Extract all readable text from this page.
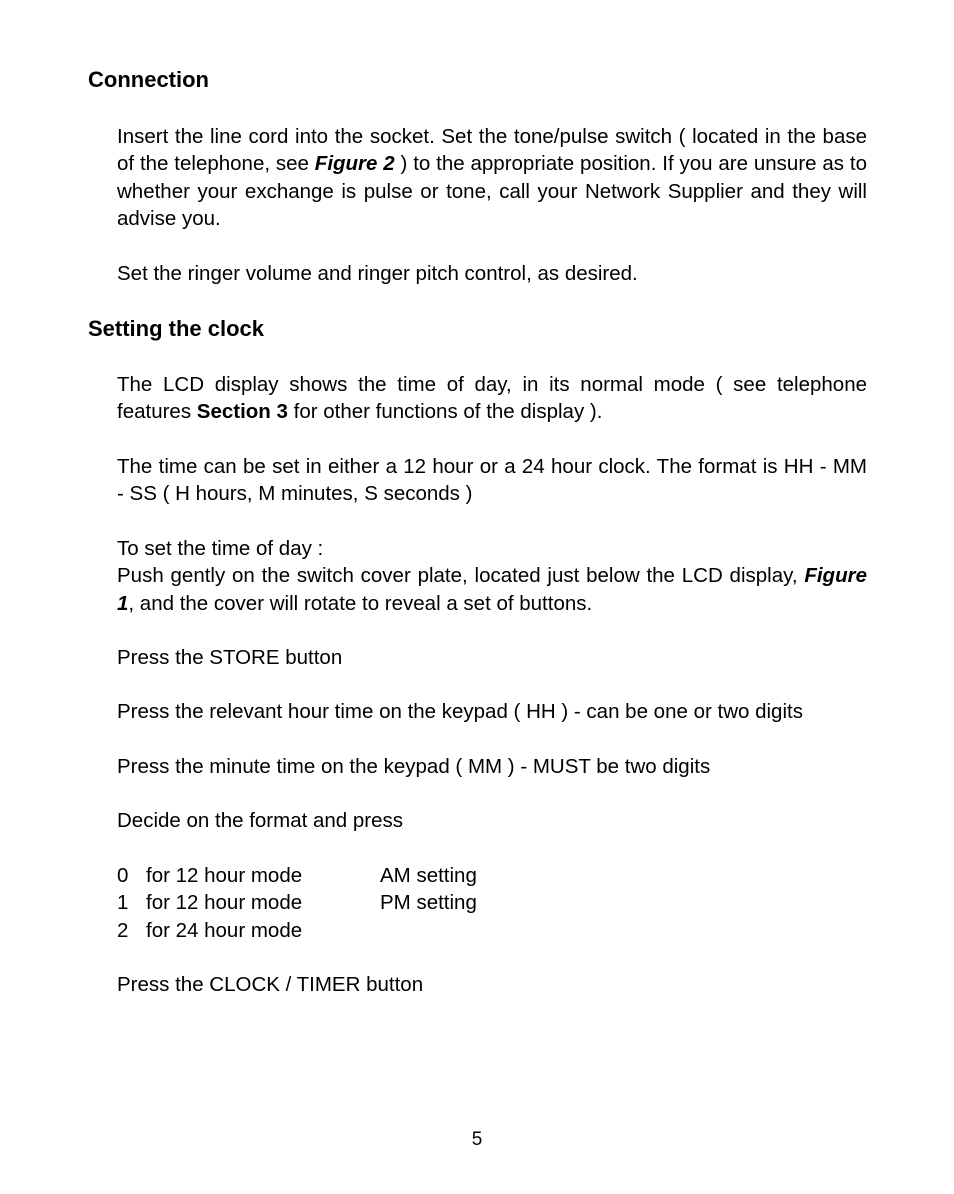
Connection

Insert the line cord into the socket. Set the tone/pulse switch ( located in the base of the telephone, see Figure 2 ) to the appropriate position. If you are unsure as to whether your exchange is pulse or tone, call your Network Supplier and they will advise you.

Set the ringer volume and ringer pitch control, as desired.

Setting the clock

The LCD display shows the time of day, in its normal mode ( see telephone features Section 3 for other functions of the display ).

The time can be set in either a 12 hour or a 24 hour clock. The format is HH - MM - SS ( H hours, M minutes, S seconds )

To set the time of day :
Push gently on the switch cover plate, located just below the LCD display, Figure 1, and the cover will rotate to reveal a set of buttons.

Press the STORE button

Press the relevant hour time on the keypad ( HH ) - can be one or two digits

Press the minute time on the keypad ( MM ) - MUST be two digits

Decide on the format and press

0	for 12 hour mode	AM setting
1	for 12 hour mode	PM setting
2	for 24 hour mode	

Press the CLOCK / TIMER button

5
